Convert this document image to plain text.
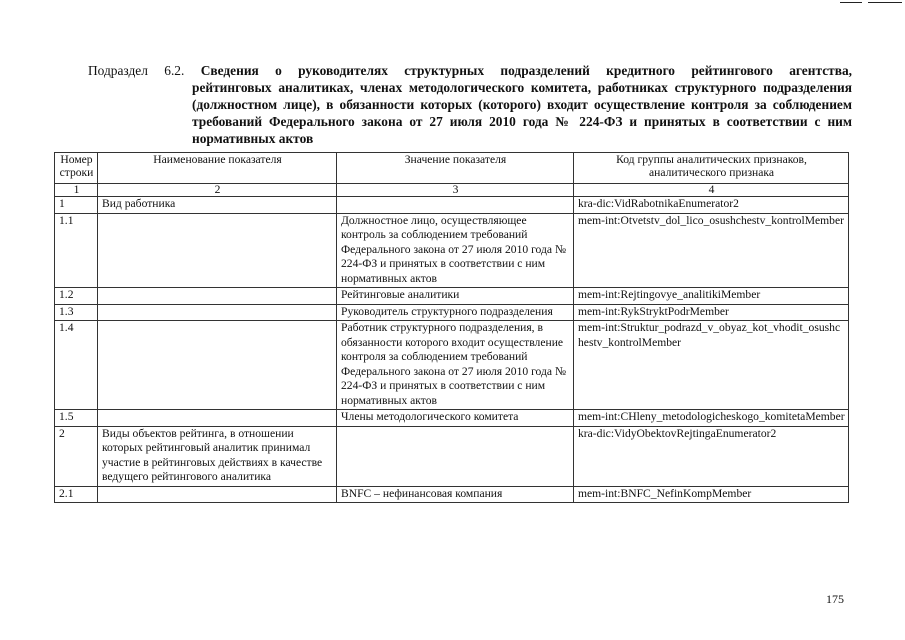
Подраздел 6.2. Сведения о руководителях структурных подразделений кредитного рейтингового агентства,
рейтинговых аналитиках, членах методологического комитета, работниках структурного подразделения (должностном лице), в обязанности которых (которого) входит осуществление контроля за соблюдением требований Федерального закона от 27 июля 2010 года № 224-ФЗ и принятых в соответствии с ним нормативных актов
Номер строки	Наименование показателя	Значение показателя	Код группы аналитических признаков, аналитического признака
1	2	3	4
1	Вид работника		kra-dic:VidRabotnikaEnumerator2
1.1		Должностное лицо, осуществляющее контроль за соблюдением требований Федерального закона от 27 июля 2010 года № 224-ФЗ и принятых в соответствии с ним нормативных актов	mem-int:Otvetstv_dol_lico_osushchestv_kontrolMember
1.2		Рейтинговые аналитики	mem-int:Rejtingovye_analitikiMember
1.3		Руководитель структурного подразделения	mem-int:RykStryktPodrMember
1.4		Работник структурного подразделения, в обязанности которого входит осуществление контроля за соблюдением требований Федерального закона от 27 июля 2010 года № 224-ФЗ и принятых в соответствии с ним нормативных актов	mem-int:Struktur_podrazd_v_obyaz_kot_vhodit_osushchestv_kontrolMember
1.5		Члены методологического комитета	mem-int:CHleny_metodologicheskogo_komitetaMember
2	Виды объектов рейтинга, в отношении которых рейтинговый аналитик принимал участие в рейтинговых действиях в качестве ведущего рейтингового аналитика		kra-dic:VidyObektovRejtingaEnumerator2
2.1		BNFC – нефинансовая компания	mem-int:BNFC_NefinKompMember
175
